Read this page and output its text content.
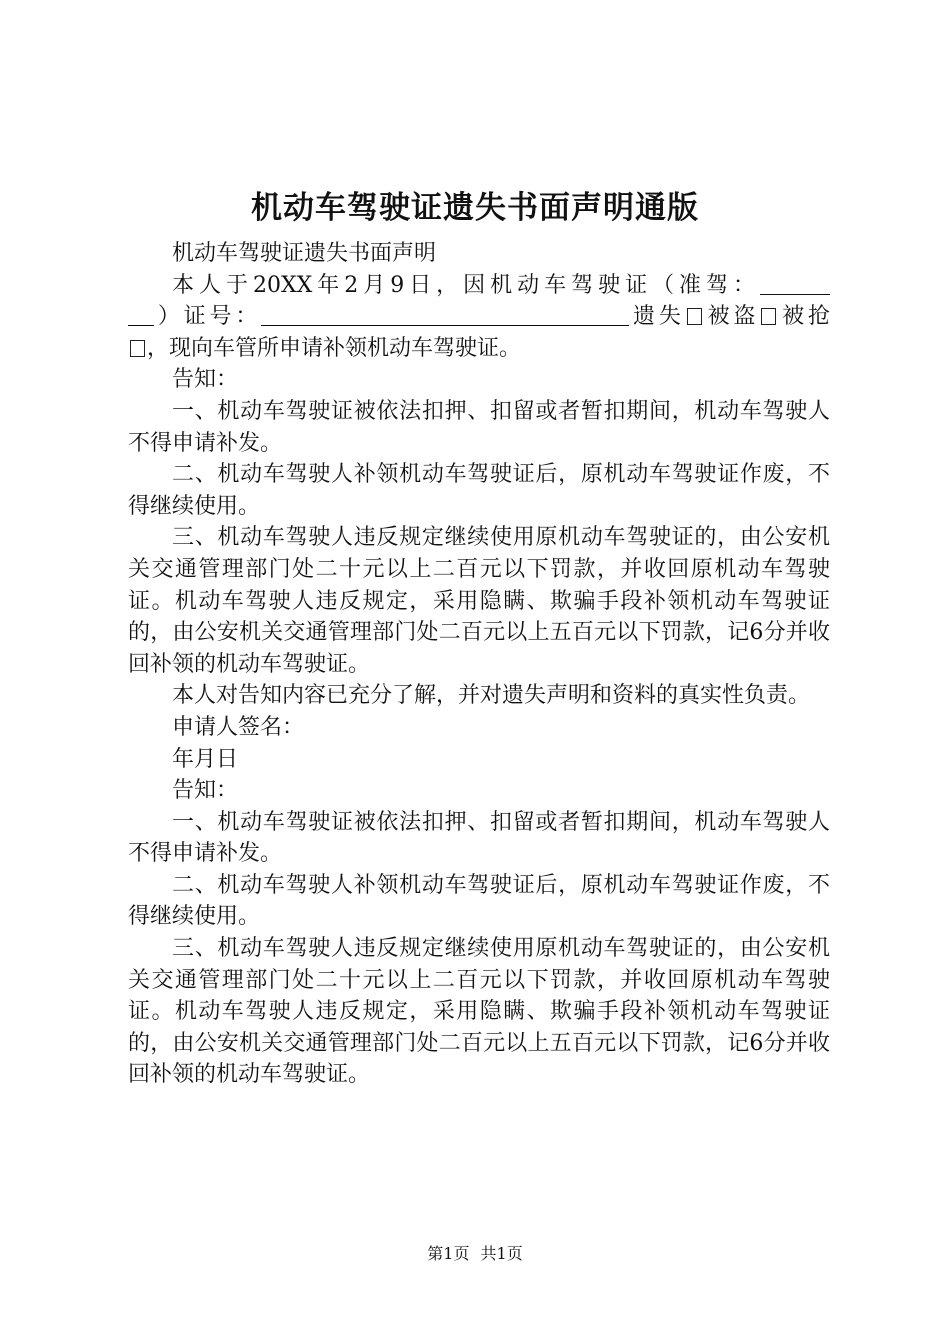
机动车驾驶证遗失书面声明通版

机动车驾驶证遗失书面声明

本人于20XX年2月9日，因机动车驾驶证（准驾：）证号：	遗失 被盗 被抢，现向车管所申请补领机动车驾驶证。

告知：

一、机动车驾驶证被依法扣押、扣留或者暂扣期间，机动车驾驶人不得申请补发。

二、机动车驾驶人补领机动车驾驶证后，原机动车驾驶证作废，不得继续使用。

三、机动车驾驶人违反规定继续使用原机动车驾驶证的，由公安机关交通管理部门处二十元以上二百元以下罚款，并收回原机动车驾驶证。机动车驾驶人违反规定，采用隐瞒、欺骗手段补领机动车驾驶证的，由公安机关交通管理部门处二百元以上五百元以下罚款，记6分并收回补领的机动车驾驶证。

本人对告知内容已充分了解，并对遗失声明和资料的真实性负责。

申请人签名：

年月日

告知：

一、机动车驾驶证被依法扣押、扣留或者暂扣期间，机动车驾驶人不得申请补发。

二、机动车驾驶人补领机动车驾驶证后，原机动车驾驶证作废，不得继续使用。

三、机动车驾驶人违反规定继续使用原机动车驾驶证的，由公安机关交通管理部门处二十元以上二百元以下罚款，并收回原机动车驾驶证。机动车驾驶人违反规定，采用隐瞒、欺骗手段补领机动车驾驶证的，由公安机关交通管理部门处二百元以上五百元以下罚款，记6分并收回补领的机动车驾驶证。

第1页 共1页
